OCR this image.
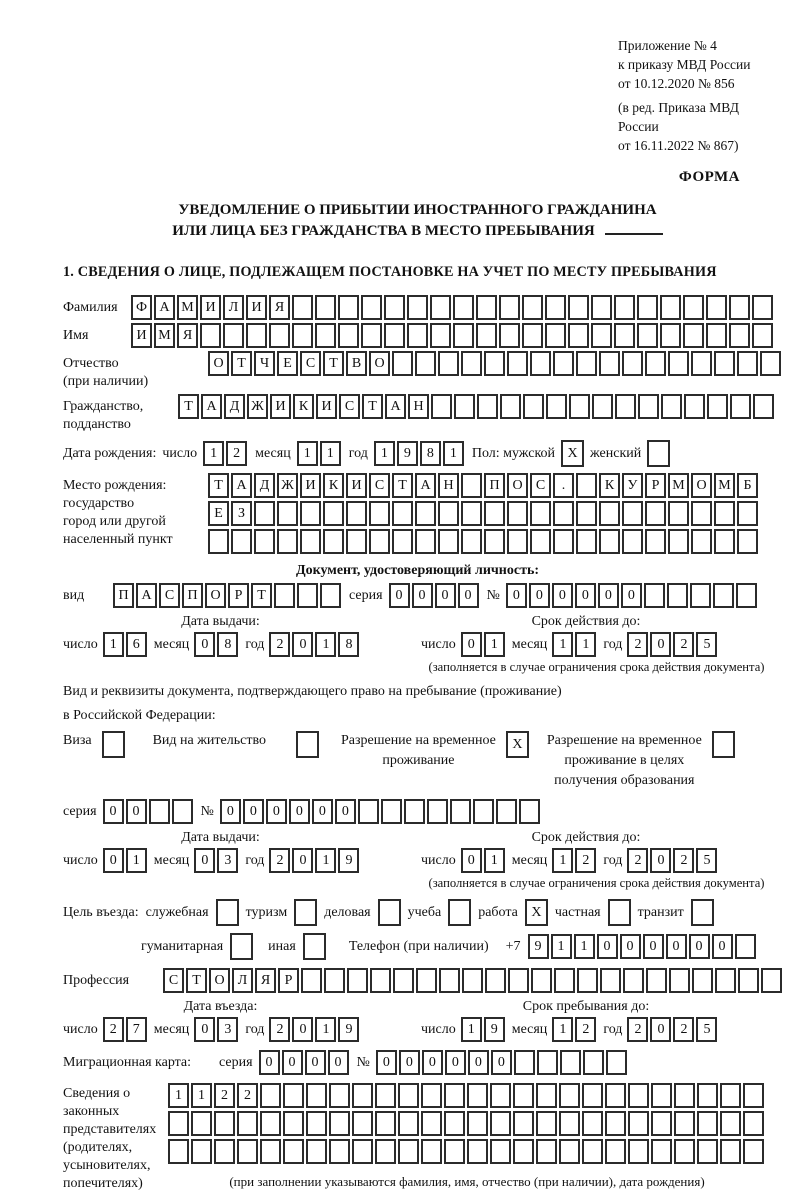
Приложение № 4
к приказу МВД России
от 10.12.2020 № 856
(в ред. Приказа МВД России
от 16.11.2022 № 867)
ФОРМА
УВЕДОМЛЕНИЕ О ПРИБЫТИИ ИНОСТРАННОГО ГРАЖДАНИНА
ИЛИ ЛИЦА БЕЗ ГРАЖДАНСТВА В МЕСТО ПРЕБЫВАНИЯ
1. СВЕДЕНИЯ О ЛИЦЕ, ПОДЛЕЖАЩЕМ ПОСТАНОВКЕ НА УЧЕТ ПО МЕСТУ ПРЕБЫВАНИЯ
Фамилия	Ф А М И Л И Я
Имя	И М Я
Отчество
(при наличии)
О Т Ч Е С Т В О
Гражданство,
подданство
Т А Д Ж И К И С Т А Н
Дата рождения: число 1 2	месяц 1 1	год 1 9 8 1	Пол: мужской X женский
Место рождения:
государство
город или другой
населенный пункт
Т А Д Ж И К И С Т А Н	П О С .	К У Р М О М Б
Е З
Документ, удостоверяющий личность:
вид	П А С П О Р Т	серия 0 0 0 0	№ 0 0 0 0 0 0
Дата выдачи:
число 1 6	месяц 0 8	год 2 0 1 8
Срок действия до:
число 0 1	месяц 1 1	год 2 0 2 5
(заполняется в случае ограничения срока действия документа)
Вид и реквизиты документа, подтверждающего право на пребывание (проживание)
в Российской Федерации:
Виза	Вид на жительство	Разрешение на временное
проживание
X	Разрешение на временное
проживание в целях
получения образования
серия 0 0	№ 0 0 0 0 0 0
Дата выдачи:
число 0 1	месяц 0 3	год 2 0 1 9
Срок действия до:
число 0 1	месяц 1 2	год 2 0 2 5
(заполняется в случае ограничения срока действия документа)
Цель въезда: служебная	туризм	деловая	учеба	работа X частная	транзит
гуманитарная	иная	Телефон (при наличии) +7	9 1 1 0 0 0 0 0 0
Профессия	С Т О Л Я Р
Дата въезда:
число 2 7	месяц 0 3	год 2 0 1 9
Срок пребывания до:
число 1 9	месяц 1 2	год 2 0 2 5
Миграционная карта:	серия 0 0 0 0	№ 0 0 0 0 0 0
Сведения о
законных
представителях
(родителях,
усыновителях,
попечителях)
1 1 2 2
(при заполнении указываются фамилия, имя, отчество (при наличии), дата рождения)
